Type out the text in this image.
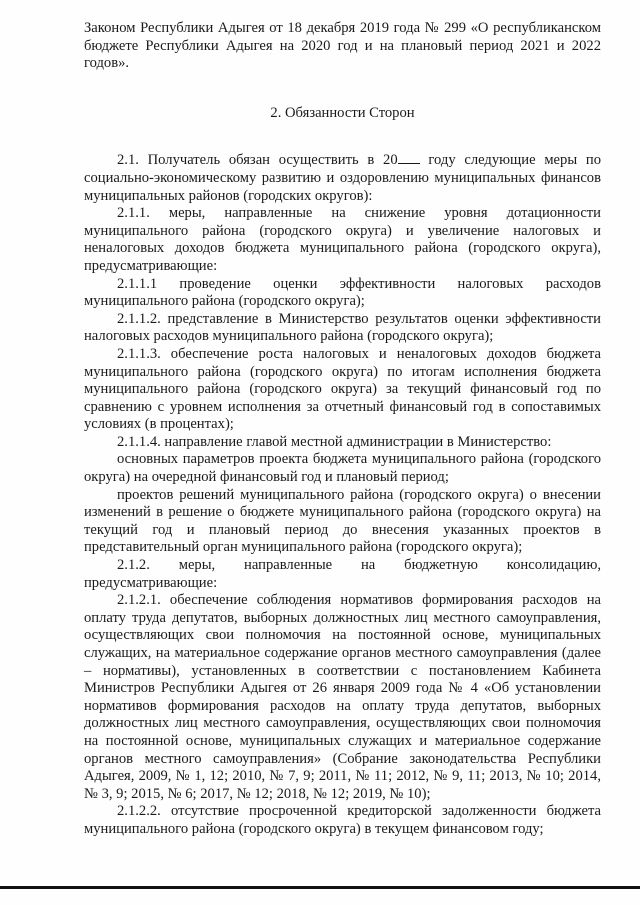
Законом Республики Адыгея от 18 декабря 2019 года № 299 «О республиканском бюджете Республики Адыгея на 2020 год и на плановый период 2021 и 2022 годов».

2. Обязанности Сторон

2.1. Получатель обязан осуществить в 20 году следующие меры по социально-экономическому развитию и оздоровлению муниципальных финансов муниципальных районов (городских округов):

2.1.1. меры, направленные на снижение уровня дотационности муниципального района (городского округа) и увеличение налоговых и неналоговых доходов бюджета муниципального района (городского округа), предусматривающие:

2.1.1.1 проведение оценки эффективности налоговых расходов муниципального района (городского округа);

2.1.1.2. представление в Министерство результатов оценки эффективности налоговых расходов муниципального района (городского округа);

2.1.1.3. обеспечение роста налоговых и неналоговых доходов бюджета муниципального района (городского округа) по итогам исполнения бюджета муниципального района (городского округа) за текущий финансовый год по сравнению с уровнем исполнения за отчетный финансовый год в сопоставимых условиях (в процентах);

2.1.1.4. направление главой местной администрации в Министерство:

основных параметров проекта бюджета муниципального района (городского округа) на очередной финансовый год и плановый период;

проектов решений муниципального района (городского округа) о внесении изменений в решение о бюджете муниципального района (городского округа) на текущий год и плановый период до внесения указанных проектов в представительный орган муниципального района (городского округа);

2.1.2. меры, направленные на бюджетную консолидацию, предусматривающие:

2.1.2.1. обеспечение соблюдения нормативов формирования расходов на оплату труда депутатов, выборных должностных лиц местного самоуправления, осуществляющих свои полномочия на постоянной основе, муниципальных служащих, на материальное содержание органов местного самоуправления (далее – нормативы), установленных в соответствии с постановлением Кабинета Министров Республики Адыгея от 26 января 2009 года № 4 «Об установлении нормативов формирования расходов на оплату труда депутатов, выборных должностных лиц местного самоуправления, осуществляющих свои полномочия на постоянной основе, муниципальных служащих и материальное содержание органов местного самоуправления» (Собрание законодательства Республики Адыгея, 2009, № 1, 12; 2010, № 7, 9; 2011, № 11; 2012, № 9, 11; 2013, № 10; 2014, № 3, 9; 2015, № 6; 2017, № 12; 2018, № 12; 2019, № 10);

2.1.2.2. отсутствие просроченной кредиторской задолженности бюджета муниципального района (городского округа) в текущем финансовом году;
